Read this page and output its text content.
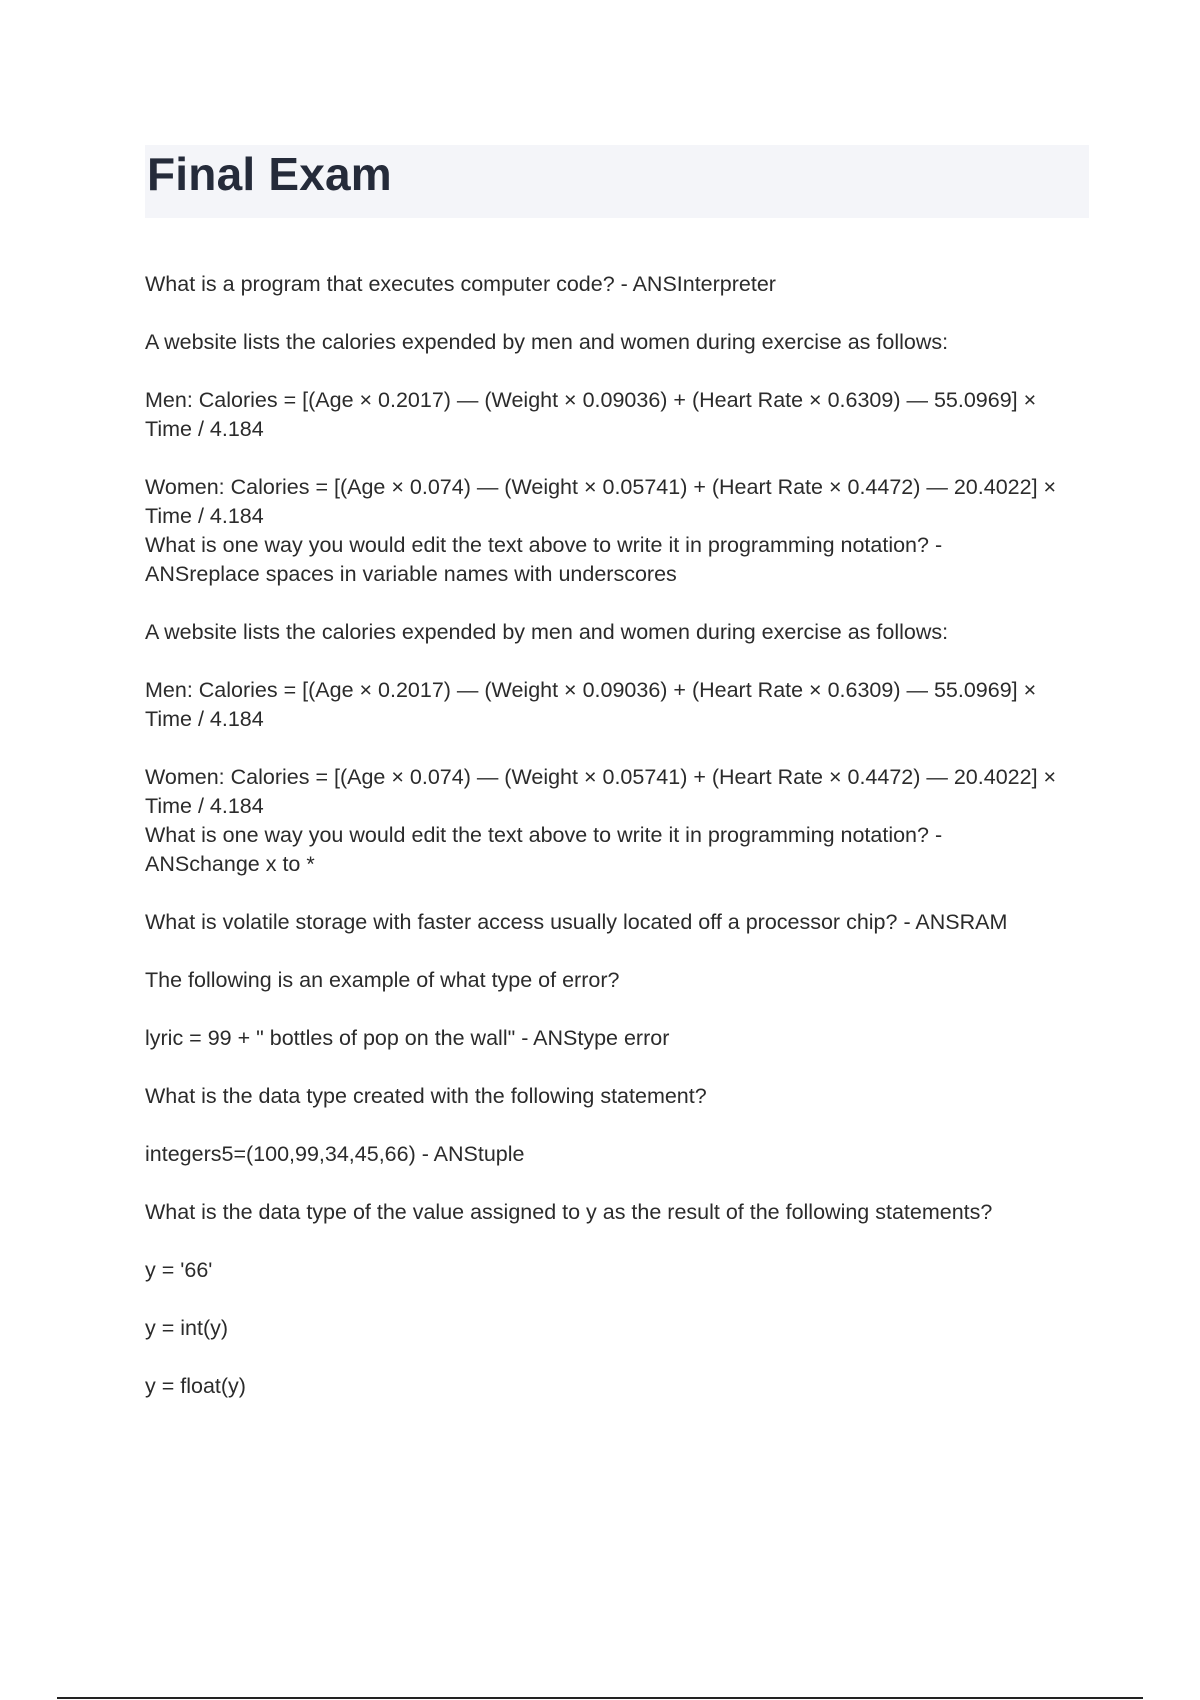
Final Exam

What is a program that executes computer code? - ANSInterpreter

A website lists the calories expended by men and women during exercise as follows:

Men: Calories = [(Age × 0.2017) — (Weight × 0.09036) + (Heart Rate × 0.6309) — 55.0969] ×

Time / 4.184

Women: Calories = [(Age × 0.074) — (Weight × 0.05741) + (Heart Rate × 0.4472) — 20.4022] ×

Time / 4.184

What is one way you would edit the text above to write it in programming notation? -

ANSreplace spaces in variable names with underscores

A website lists the calories expended by men and women during exercise as follows:

Men: Calories = [(Age × 0.2017) — (Weight × 0.09036) + (Heart Rate × 0.6309) — 55.0969] ×

Time / 4.184

Women: Calories = [(Age × 0.074) — (Weight × 0.05741) + (Heart Rate × 0.4472) — 20.4022] ×

Time / 4.184

What is one way you would edit the text above to write it in programming notation? -

ANSchange x to *

What is volatile storage with faster access usually located off a processor chip? - ANSRAM

The following is an example of what type of error?

lyric = 99 + " bottles of pop on the wall" - ANStype error

What is the data type created with the following statement?

integers5=(100,99,34,45,66) - ANStuple

What is the data type of the value assigned to y as the result of the following statements?

y = '66'

y = int(y)

y = float(y)
